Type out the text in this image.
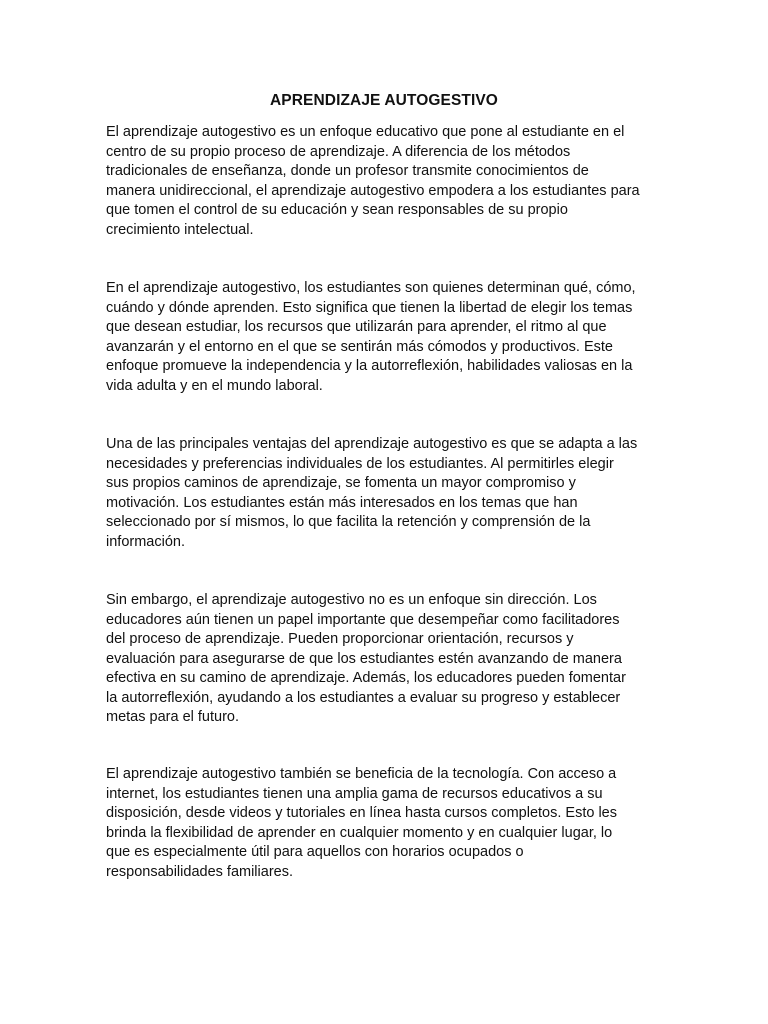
APRENDIZAJE AUTOGESTIVO

El aprendizaje autogestivo es un enfoque educativo que pone al estudiante en el
centro de su propio proceso de aprendizaje. A diferencia de los métodos
tradicionales de enseñanza, donde un profesor transmite conocimientos de
manera unidireccional, el aprendizaje autogestivo empodera a los estudiantes para
que tomen el control de su educación y sean responsables de su propio
crecimiento intelectual.

En el aprendizaje autogestivo, los estudiantes son quienes determinan qué, cómo,
cuándo y dónde aprenden. Esto significa que tienen la libertad de elegir los temas
que desean estudiar, los recursos que utilizarán para aprender, el ritmo al que
avanzarán y el entorno en el que se sentirán más cómodos y productivos. Este
enfoque promueve la independencia y la autorreflexión, habilidades valiosas en la
vida adulta y en el mundo laboral.

Una de las principales ventajas del aprendizaje autogestivo es que se adapta a las
necesidades y preferencias individuales de los estudiantes. Al permitirles elegir
sus propios caminos de aprendizaje, se fomenta un mayor compromiso y
motivación. Los estudiantes están más interesados en los temas que han
seleccionado por sí mismos, lo que facilita la retención y comprensión de la
información.

Sin embargo, el aprendizaje autogestivo no es un enfoque sin dirección. Los
educadores aún tienen un papel importante que desempeñar como facilitadores
del proceso de aprendizaje. Pueden proporcionar orientación, recursos y
evaluación para asegurarse de que los estudiantes estén avanzando de manera
efectiva en su camino de aprendizaje. Además, los educadores pueden fomentar
la autorreflexión, ayudando a los estudiantes a evaluar su progreso y establecer
metas para el futuro.

El aprendizaje autogestivo también se beneficia de la tecnología. Con acceso a
internet, los estudiantes tienen una amplia gama de recursos educativos a su
disposición, desde videos y tutoriales en línea hasta cursos completos. Esto les
brinda la flexibilidad de aprender en cualquier momento y en cualquier lugar, lo
que es especialmente útil para aquellos con horarios ocupados o
responsabilidades familiares.
